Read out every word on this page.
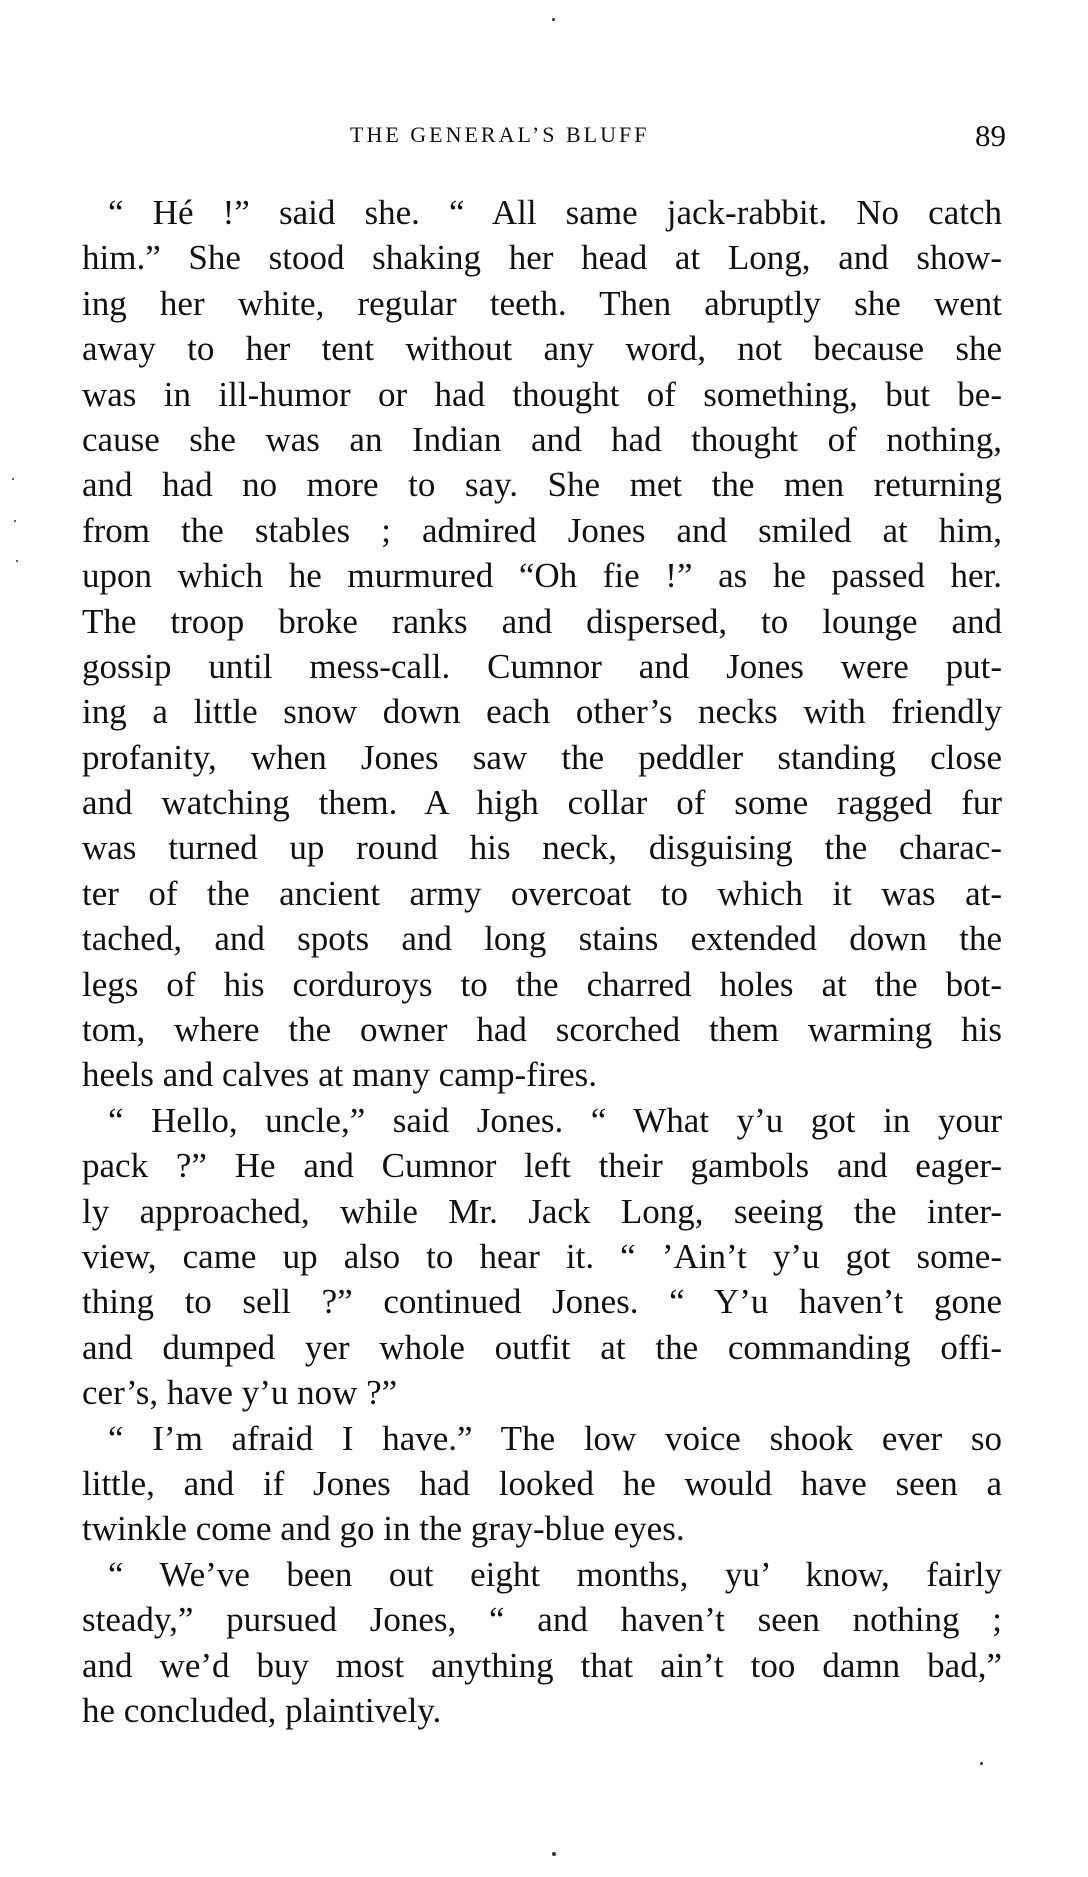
THE GENERAL’S BLUFF	89
“ Hé !” said she. “ All same jack-rabbit. No catch
him.” She stood shaking her head at Long, and show-
ing her white, regular teeth. Then abruptly she went
away to her tent without any word, not because she
was in ill-humor or had thought of something, but be-
cause she was an Indian and had thought of nothing,
and had no more to say. She met the men returning
from the stables ; admired Jones and smiled at him,
upon which he murmured “Oh fie !” as he passed her.
The troop broke ranks and dispersed, to lounge and
gossip until mess-call. Cumnor and Jones were put-
ing a little snow down each other’s necks with friendly
profanity, when Jones saw the peddler standing close
and watching them. A high collar of some ragged fur
was turned up round his neck, disguising the charac-
ter of the ancient army overcoat to which it was at-
tached, and spots and long stains extended down the
legs of his corduroys to the charred holes at the bot-
tom, where the owner had scorched them warming his
heels and calves at many camp-fires.
“ Hello, uncle,” said Jones. “ What y’u got in your
pack ?” He and Cumnor left their gambols and eager-
ly approached, while Mr. Jack Long, seeing the inter-
view, came up also to hear it. “ ’Ain’t y’u got some-
thing to sell ?” continued Jones. “ Y’u haven’t gone
and dumped yer whole outfit at the commanding offi-
cer’s, have y’u now ?”
“ I’m afraid I have.” The low voice shook ever so
little, and if Jones had looked he would have seen a
twinkle come and go in the gray-blue eyes.
“ We’ve been out eight months, yu’ know, fairly
steady,” pursued Jones, “ and haven’t seen nothing ;
and we’d buy most anything that ain’t too damn bad,”
he concluded, plaintively.
